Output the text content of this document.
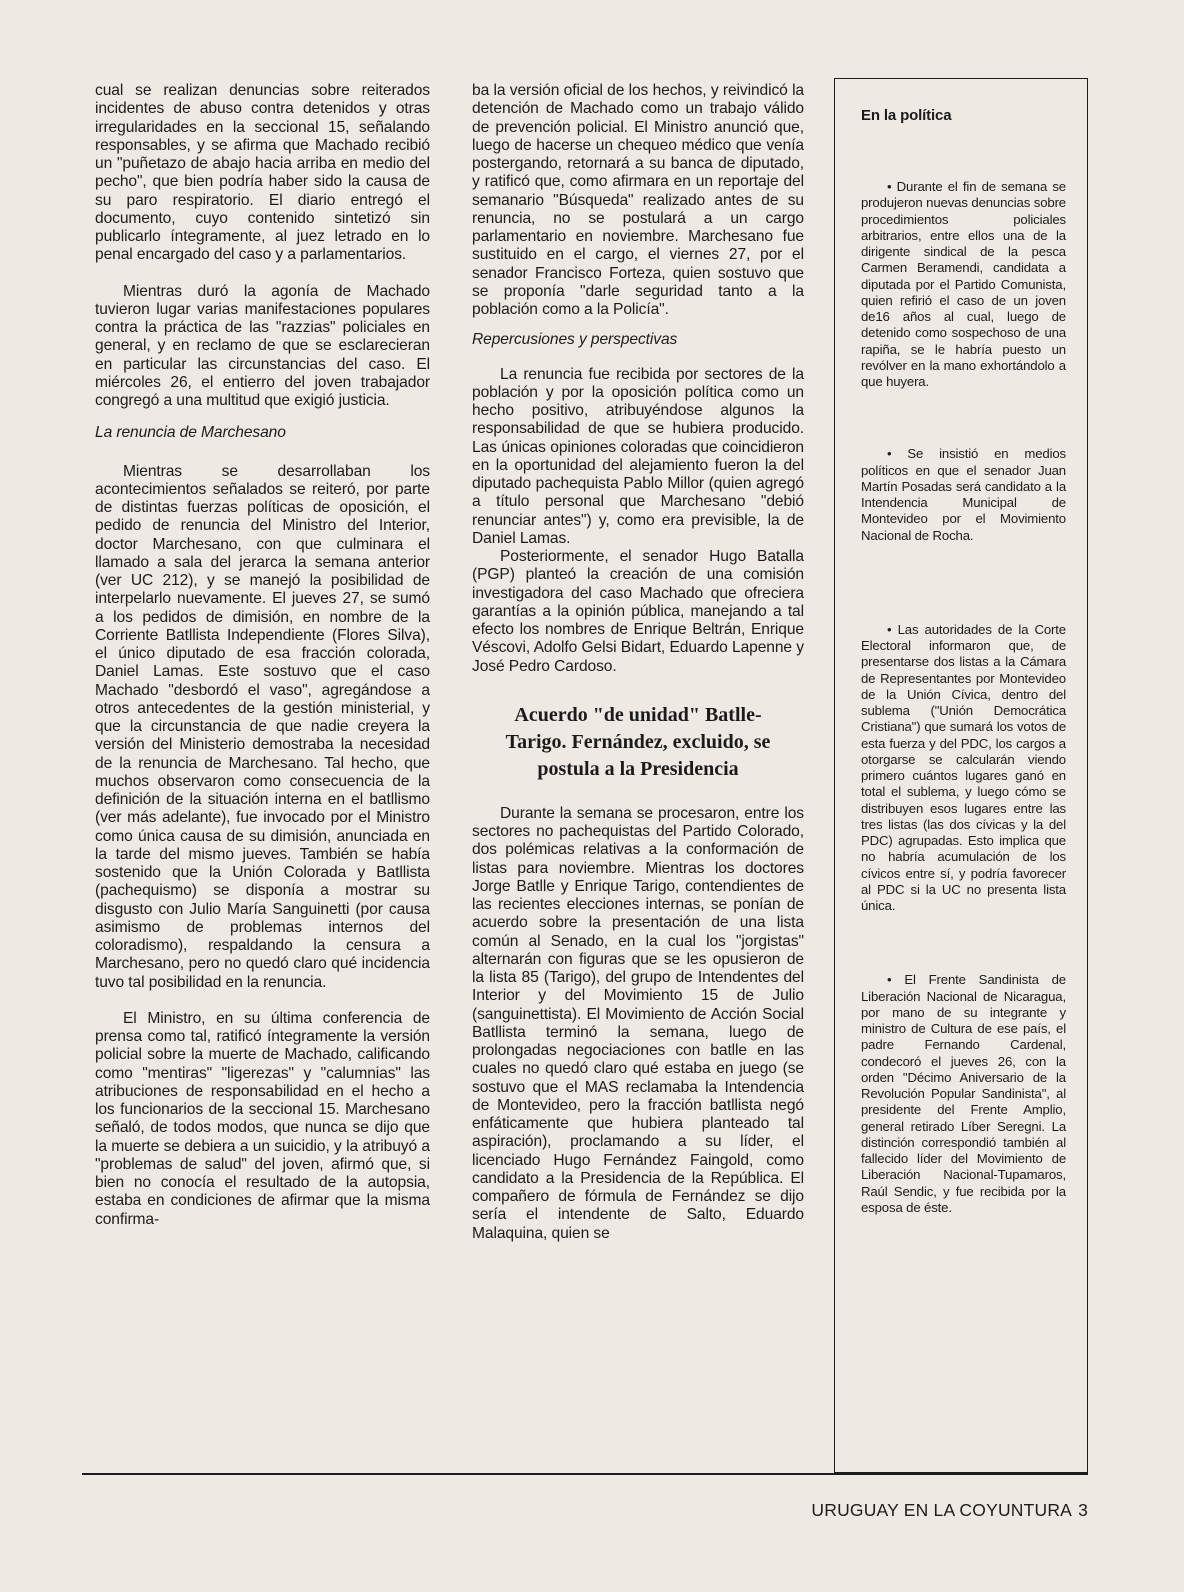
cual se realizan denuncias sobre reiterados incidentes de abuso contra detenidos y otras irregularidades en la seccional 15, señalando responsables, y se afirma que Machado recibió un "puñetazo de abajo hacia arriba en medio del pecho", que bien podría haber sido la causa de su paro respiratorio. El diario entregó el documento, cuyo contenido sintetizó sin publicarlo íntegramente, al juez letrado en lo penal encargado del caso y a parlamentarios.

Mientras duró la agonía de Machado tuvieron lugar varias manifestaciones populares contra la práctica de las "razzias" policiales en general, y en reclamo de que se esclarecieran en particular las circunstancias del caso. El miércoles 26, el entierro del joven trabajador congregó a una multitud que exigió justicia.

La renuncia de Marchesano

Mientras se desarrollaban los acontecimientos señalados se reiteró, por parte de distintas fuerzas políticas de oposición, el pedido de renuncia del Ministro del Interior, doctor Marchesano, con que culminara el llamado a sala del jerarca la semana anterior (ver UC 212), y se manejó la posibilidad de interpelarlo nuevamente. El jueves 27, se sumó a los pedidos de dimisión, en nombre de la Corriente Batllista Independiente (Flores Silva), el único diputado de esa fracción colorada, Daniel Lamas. Este sostuvo que el caso Machado "desbordó el vaso", agregándose a otros antecedentes de la gestión ministerial, y que la circunstancia de que nadie creyera la versión del Ministerio demostraba la necesidad de la renuncia de Marchesano. Tal hecho, que muchos observaron como consecuencia de la definición de la situación interna en el batllismo (ver más adelante), fue invocado por el Ministro como única causa de su dimisión, anunciada en la tarde del mismo jueves. También se había sostenido que la Unión Colorada y Batllista (pachequismo) se disponía a mostrar su disgusto con Julio María Sanguinetti (por causa asimismo de problemas internos del coloradismo), respaldando la censura a Marchesano, pero no quedó claro qué incidencia tuvo tal posibilidad en la renuncia.

El Ministro, en su última conferencia de prensa como tal, ratificó íntegramente la versión policial sobre la muerte de Machado, calificando como "mentiras" "ligerezas" y "calumnias" las atribuciones de responsabilidad en el hecho a los funcionarios de la seccional 15. Marchesano señaló, de todos modos, que nunca se dijo que la muerte se debiera a un suicidio, y la atribuyó a "problemas de salud" del joven, afirmó que, si bien no conocía el resultado de la autopsia, estaba en condiciones de afirmar que la misma confirma-

ba la versión oficial de los hechos, y reivindicó la detención de Machado como un trabajo válido de prevención policial. El Ministro anunció que, luego de hacerse un chequeo médico que venía postergando, retornará a su banca de diputado, y ratificó que, como afirmara en un reportaje del semanario "Búsqueda" realizado antes de su renuncia, no se postulará a un cargo parlamentario en noviembre. Marchesano fue sustituido en el cargo, el viernes 27, por el senador Francisco Forteza, quien sostuvo que se proponía "darle seguridad tanto a la población como a la Policía".

Repercusiones y perspectivas

La renuncia fue recibida por sectores de la población y por la oposición política como un hecho positivo, atribuyéndose algunos la responsabilidad de que se hubiera producido. Las únicas opiniones coloradas que coincidieron en la oportunidad del alejamiento fueron la del diputado pachequista Pablo Millor (quien agregó a título personal que Marchesano "debió renunciar antes") y, como era previsible, la de Daniel Lamas.

Posteriormente, el senador Hugo Batalla (PGP) planteó la creación de una comisión investigadora del caso Machado que ofreciera garantías a la opinión pública, manejando a tal efecto los nombres de Enrique Beltrán, Enrique Véscovi, Adolfo Gelsi Bidart, Eduardo Lapenne y José Pedro Cardoso.

Acuerdo "de unidad" Batlle-Tarigo. Fernández, excluido, se postula a la Presidencia

Durante la semana se procesaron, entre los sectores no pachequistas del Partido Colorado, dos polémicas relativas a la conformación de listas para noviembre. Mientras los doctores Jorge Batlle y Enrique Tarigo, contendientes de las recientes elecciones internas, se ponían de acuerdo sobre la presentación de una lista común al Senado, en la cual los "jorgistas" alternarán con figuras que se les opusieron de la lista 85 (Tarigo), del grupo de Intendentes del Interior y del Movimiento 15 de Julio (sanguinettista). El Movimiento de Acción Social Batllista terminó la semana, luego de prolongadas negociaciones con batlle en las cuales no quedó claro qué estaba en juego (se sostuvo que el MAS reclamaba la Intendencia de Montevideo, pero la fracción batllista negó enfáticamente que hubiera planteado tal aspiración), proclamando a su líder, el licenciado Hugo Fernández Faingold, como candidato a la Presidencia de la República. El compañero de fórmula de Fernández se dijo sería el intendente de Salto, Eduardo Malaquina, quien se

En la política

• Durante el fin de semana se produjeron nuevas denuncias sobre procedimientos policiales arbitrarios, entre ellos una de la dirigente sindical de la pesca Carmen Beramendi, candidata a diputada por el Partido Comunista, quien refirió el caso de un joven de16 años al cual, luego de detenido como sospechoso de una rapiña, se le habría puesto un revólver en la mano exhortándolo a que huyera.

• Se insistió en medios políticos en que el senador Juan Martín Posadas será candidato a la Intendencia Municipal de Montevideo por el Movimiento Nacional de Rocha.

• Las autoridades de la Corte Electoral informaron que, de presentarse dos listas a la Cámara de Representantes por Montevideo de la Unión Cívica, dentro del sublema ("Unión Democrática Cristiana") que sumará los votos de esta fuerza y del PDC, los cargos a otorgarse se calcularán viendo primero cuántos lugares ganó en total el sublema, y luego cómo se distribuyen esos lugares entre las tres listas (las dos cívicas y la del PDC) agrupadas. Esto implica que no habría acumulación de los cívicos entre sí, y podría favorecer al PDC si la UC no presenta lista única.

• El Frente Sandinista de Liberación Nacional de Nicaragua, por mano de su integrante y ministro de Cultura de ese país, el padre Fernando Cardenal, condecoró el jueves 26, con la orden "Décimo Aniversario de la Revolución Popular Sandinista", al presidente del Frente Amplio, general retirado Líber Seregni. La distinción correspondió también al fallecido líder del Movimiento de Liberación Nacional-Tupamaros, Raúl Sendic, y fue recibida por la esposa de éste.

URUGUAY EN LA COYUNTURA 3
